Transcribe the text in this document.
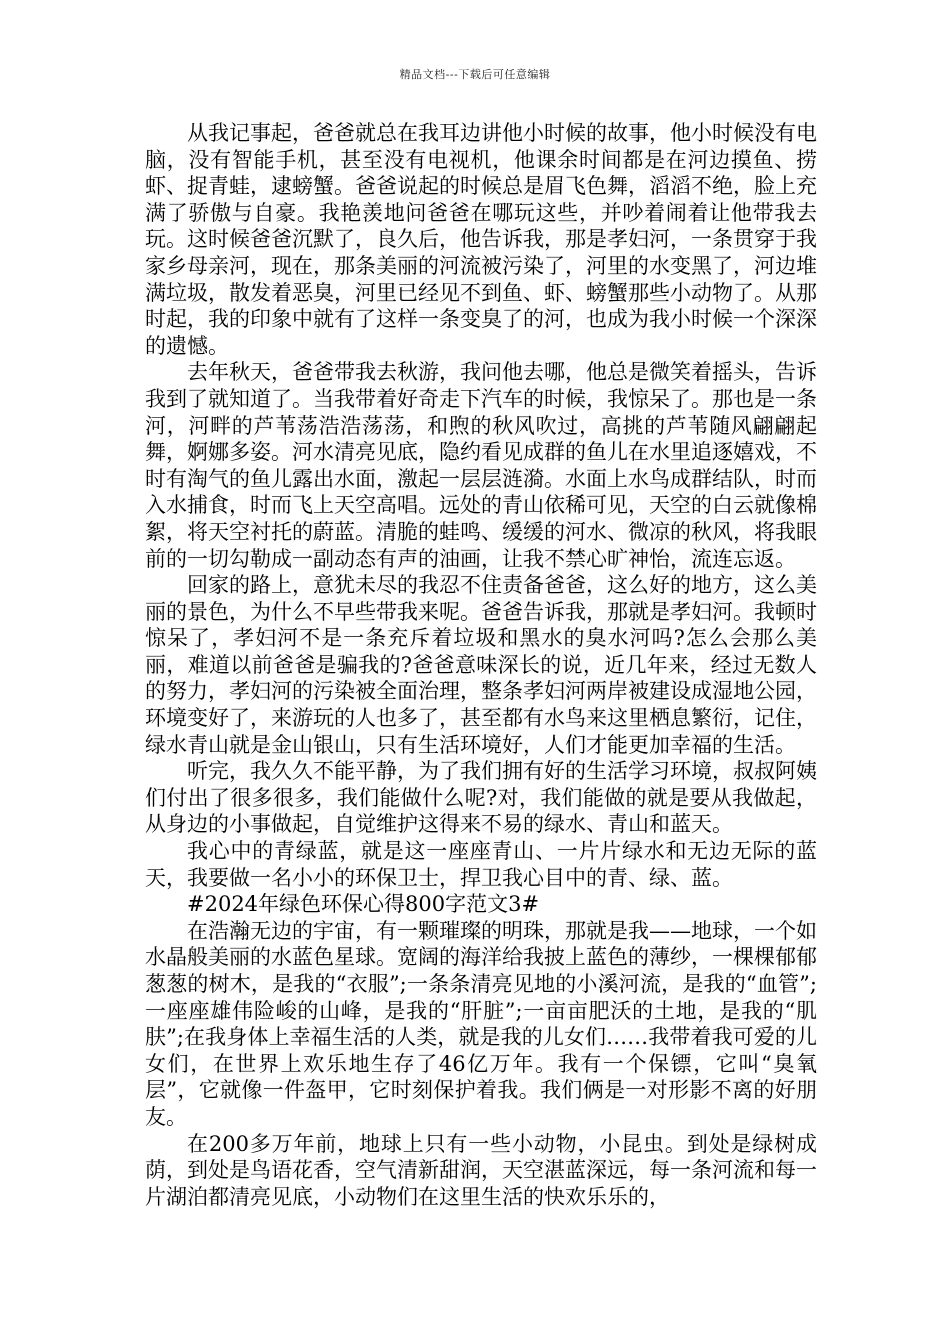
精品文档---下载后可任意编辑

从我记事起，爸爸就总在我耳边讲他小时候的故事，他小时候没有电脑，没有智能手机，甚至没有电视机，他课余时间都是在河边摸鱼、捞虾、捉青蛙，逮螃蟹。爸爸说起的时候总是眉飞色舞，滔滔不绝，脸上充满了骄傲与自豪。我艳羡地问爸爸在哪玩这些，并吵着闹着让他带我去玩。这时候爸爸沉默了，良久后，他告诉我，那是孝妇河，一条贯穿于我家乡母亲河，现在，那条美丽的河流被污染了，河里的水变黑了，河边堆满垃圾，散发着恶臭，河里已经见不到鱼、虾、螃蟹那些小动物了。从那时起，我的印象中就有了这样一条变臭了的河，也成为我小时候一个深深的遗憾。

去年秋天，爸爸带我去秋游，我问他去哪，他总是微笑着摇头，告诉我到了就知道了。当我带着好奇走下汽车的时候，我惊呆了。那也是一条河，河畔的芦苇荡浩浩荡荡，和煦的秋风吹过，高挑的芦苇随风翩翩起舞，婀娜多姿。河水清亮见底，隐约看见成群的鱼儿在水里追逐嬉戏，不时有淘气的鱼儿露出水面，激起一层层涟漪。水面上水鸟成群结队，时而入水捕食，时而飞上天空高唱。远处的青山依稀可见，天空的白云就像棉絮，将天空衬托的蔚蓝。清脆的蛙鸣、缓缓的河水、微凉的秋风，将我眼前的一切勾勒成一副动态有声的油画，让我不禁心旷神怡，流连忘返。

回家的路上，意犹未尽的我忍不住责备爸爸，这么好的地方，这么美丽的景色，为什么不早些带我来呢。爸爸告诉我，那就是孝妇河。我顿时惊呆了，孝妇河不是一条充斥着垃圾和黑水的臭水河吗?怎么会那么美丽，难道以前爸爸是骗我的?爸爸意味深长的说，近几年来，经过无数人的努力，孝妇河的污染被全面治理，整条孝妇河两岸被建设成湿地公园，环境变好了，来游玩的人也多了，甚至都有水鸟来这里栖息繁衍，记住，绿水青山就是金山银山，只有生活环境好，人们才能更加幸福的生活。

听完，我久久不能平静，为了我们拥有好的生活学习环境，叔叔阿姨们付出了很多很多，我们能做什么呢?对，我们能做的就是要从我做起，从身边的小事做起，自觉维护这得来不易的绿水、青山和蓝天。

我心中的青绿蓝，就是这一座座青山、一片片绿水和无边无际的蓝天，我要做一名小小的环保卫士，捍卫我心目中的青、绿、蓝。

#2024年绿色环保心得800字范文3#

在浩瀚无边的宇宙，有一颗璀璨的明珠，那就是我——地球，一个如水晶般美丽的水蓝色星球。宽阔的海洋给我披上蓝色的薄纱，一棵棵郁郁葱葱的树木，是我的“衣服”;一条条清亮见地的小溪河流，是我的“血管”;一座座雄伟险峻的山峰，是我的“肝脏”;一亩亩肥沃的土地，是我的“肌肤”;在我身体上幸福生活的人类，就是我的儿女们……我带着我可爱的儿女们，在世界上欢乐地生存了46亿万年。我有一个保镖，它叫“臭氧层”，它就像一件盔甲，它时刻保护着我。我们俩是一对形影不离的好朋友。

在200多万年前，地球上只有一些小动物，小昆虫。到处是绿树成荫，到处是鸟语花香，空气清新甜润，天空湛蓝深远，每一条河流和每一片湖泊都清亮见底，小动物们在这里生活的快欢乐乐的，
